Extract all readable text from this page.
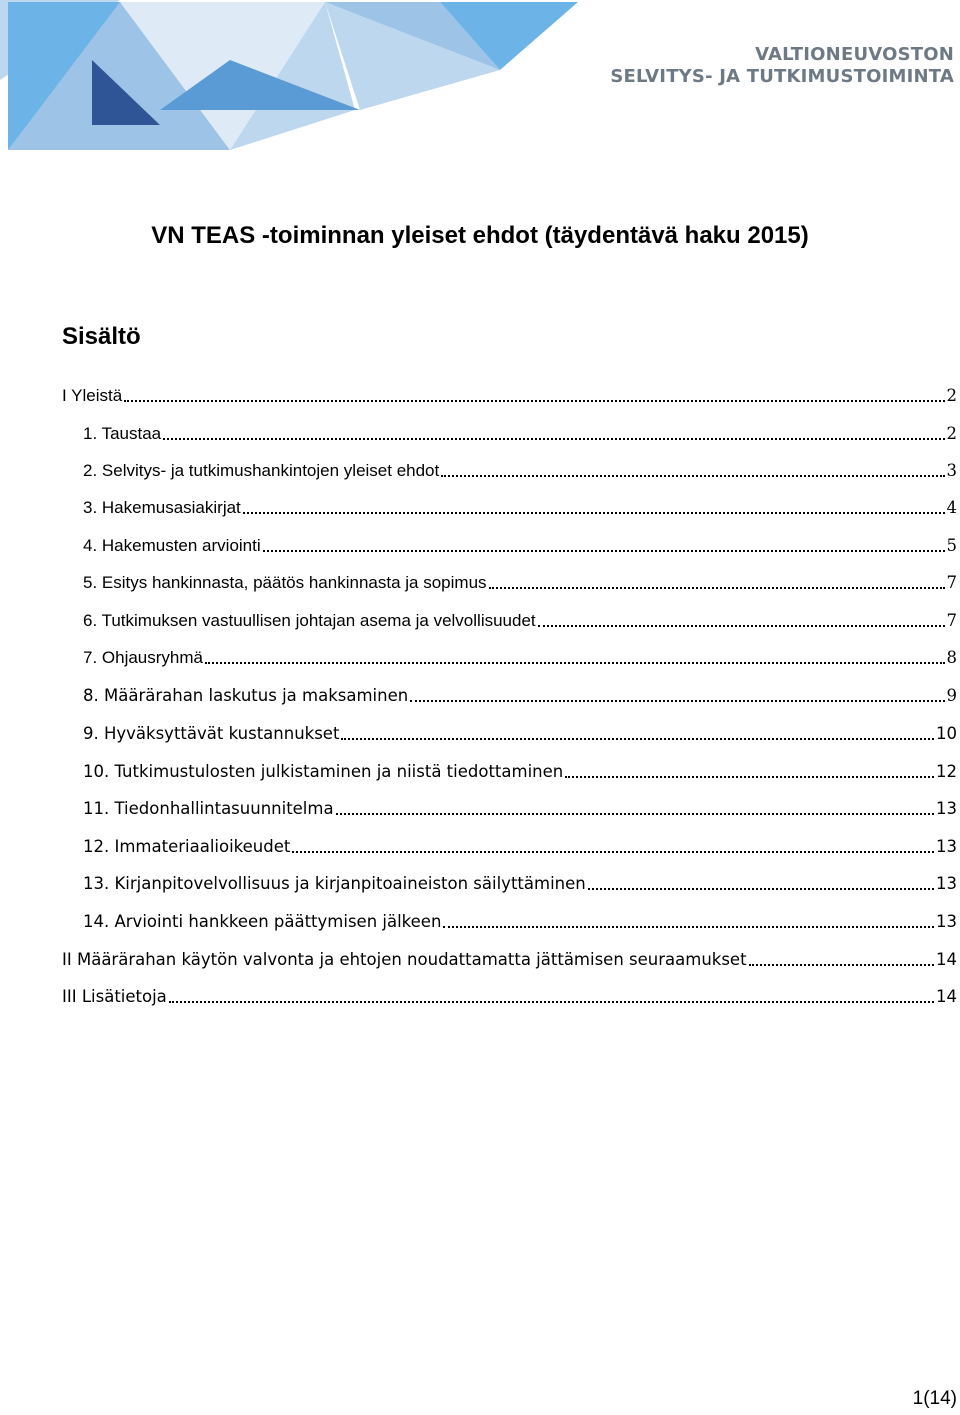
VALTIONEUVOSTON
SELVITYS- JA TUTKIMUSTOIMINTA
VN TEAS -toiminnan yleiset ehdot (täydentävä haku 2015)
Sisältö
I Yleistä	2
1. Taustaa	2
2. Selvitys- ja tutkimushankintojen yleiset ehdot	3
3. Hakemusasiakirjat	4
4. Hakemusten arviointi	5
5. Esitys hankinnasta, päätös hankinnasta ja sopimus	7
6. Tutkimuksen vastuullisen johtajan asema ja velvollisuudet	7
7. Ohjausryhmä	8
8. Määrärahan laskutus ja maksaminen	9
9. Hyväksyttävät kustannukset	10
10. Tutkimustulosten julkistaminen ja niistä tiedottaminen	12
11. Tiedonhallintasuunnitelma	13
12. Immateriaalioikeudet	13
13. Kirjanpitovelvollisuus ja kirjanpitoaineiston säilyttäminen	13
14. Arviointi hankkeen päättymisen jälkeen	13
II Määrärahan käytön valvonta ja ehtojen noudattamatta jättämisen seuraamukset	14
III Lisätietoja	14
1(14)
